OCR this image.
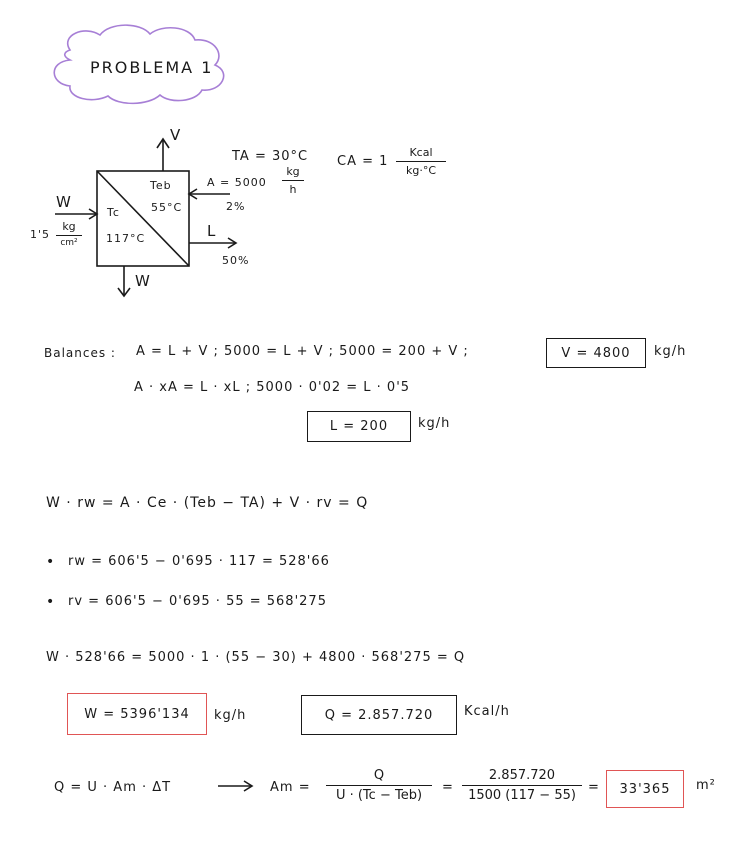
PROBLEMA 1
V
W
1'5
kg
cm²
Tc
117°C
Teb
55°C
A = 5000
kg
h
2%
L
50%
W
TA = 30°C CA = 1
Kcal
kg·°C
Balances : A = L + V ; 5000 = L + V ; 5000 = 200 + V ;	V = 4800	kg/h
A · xA = L · xL ; 5000 · 0'02 = L · 0'5
L = 200	kg/h
W · rw = A · Ce · (Teb − TA) + V · rv = Q
• rw = 606'5 − 0'695 · 117 = 528'66
• rv = 606'5 − 0'695 · 55 = 568'275
W · 528'66 = 5000 · 1 · (55 − 30) + 4800 · 568'275 = Q
W = 5396'134	kg/h	Q = 2.857.720	Kcal/h
Q = U · Am · ΔT	Am =
Q
U · (Tc − Teb)
=
2.857.720
1500 (117 − 55)
=	33'365	m²
